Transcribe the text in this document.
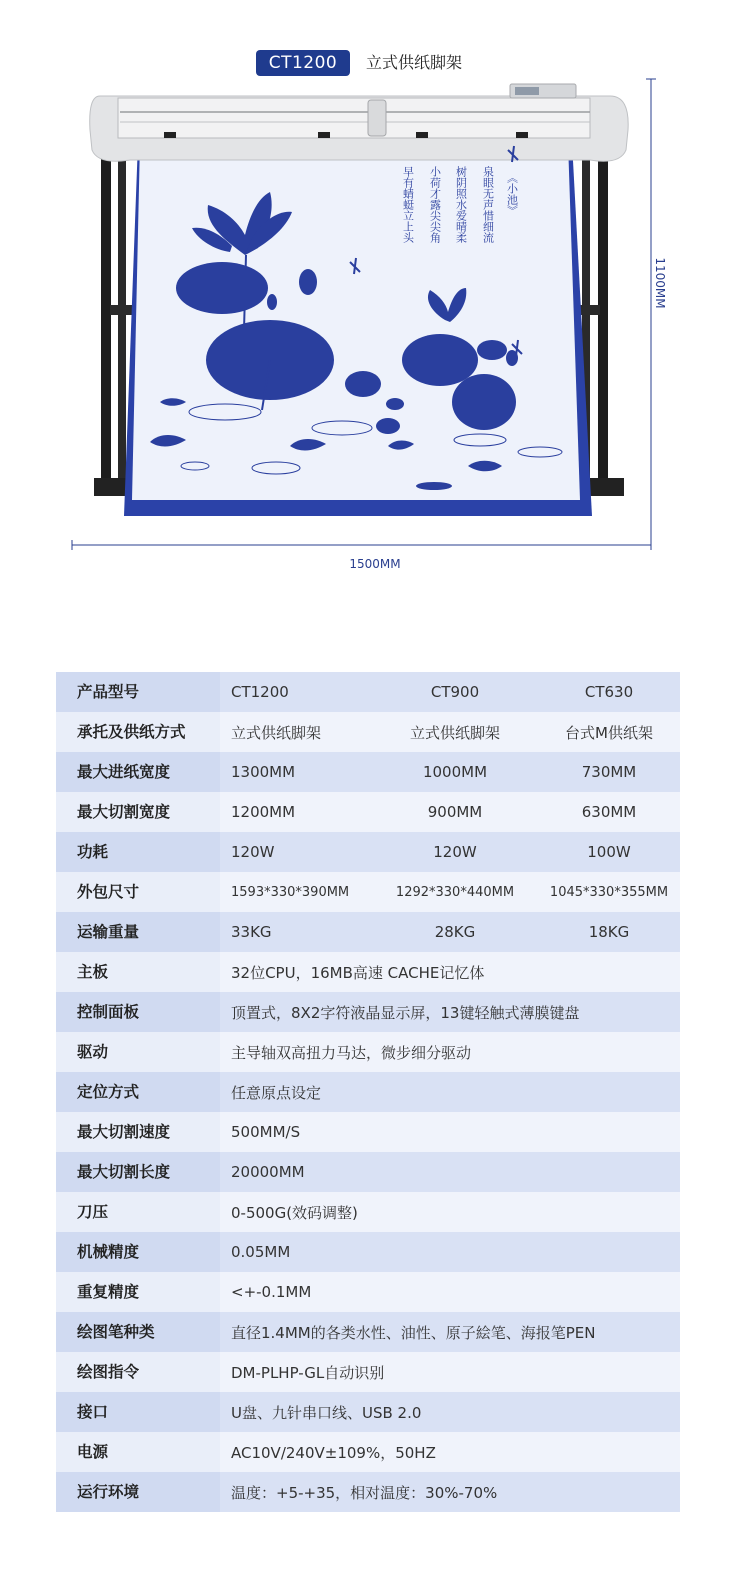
CT1200	立式供纸脚架
《小池》
泉眼无声惜细流
树阴照水爱晴柔
小荷才露尖尖角
早有蜻蜓立上头
1500MM
1100MM
产品型号	CT1200	CT900	CT630
承托及供纸方式	立式供纸脚架	立式供纸脚架	台式M供纸架
最大进纸宽度	1300MM	1000MM	730MM
最大切割宽度	1200MM	900MM	630MM
功耗	120W	120W	100W
外包尺寸	1593*330*390MM	1292*330*440MM	1045*330*355MM
运输重量	33KG	28KG	18KG
主板	32位CPU，16MB高速 CACHE记忆体
控制面板	顶置式，8X2字符液晶显示屏，13键轻触式薄膜键盘
驱动	主导轴双高扭力马达，微步细分驱动
定位方式	任意原点设定
最大切割速度	500MM/S
最大切割长度	20000MM
刀压	0-500G(效码调整)
机械精度	0.05MM
重复精度	<+-0.1MM
绘图笔种类	直径1.4MM的各类水性、油性、原子絵笔、海报笔PEN
绘图指令	DM-PLHP-GL自动识别
接口	U盘、九针串口线、USB 2.0
电源	AC10V/240V±109%，50HZ
运行环境	温度：+5-+35，相对温度：30%-70%
